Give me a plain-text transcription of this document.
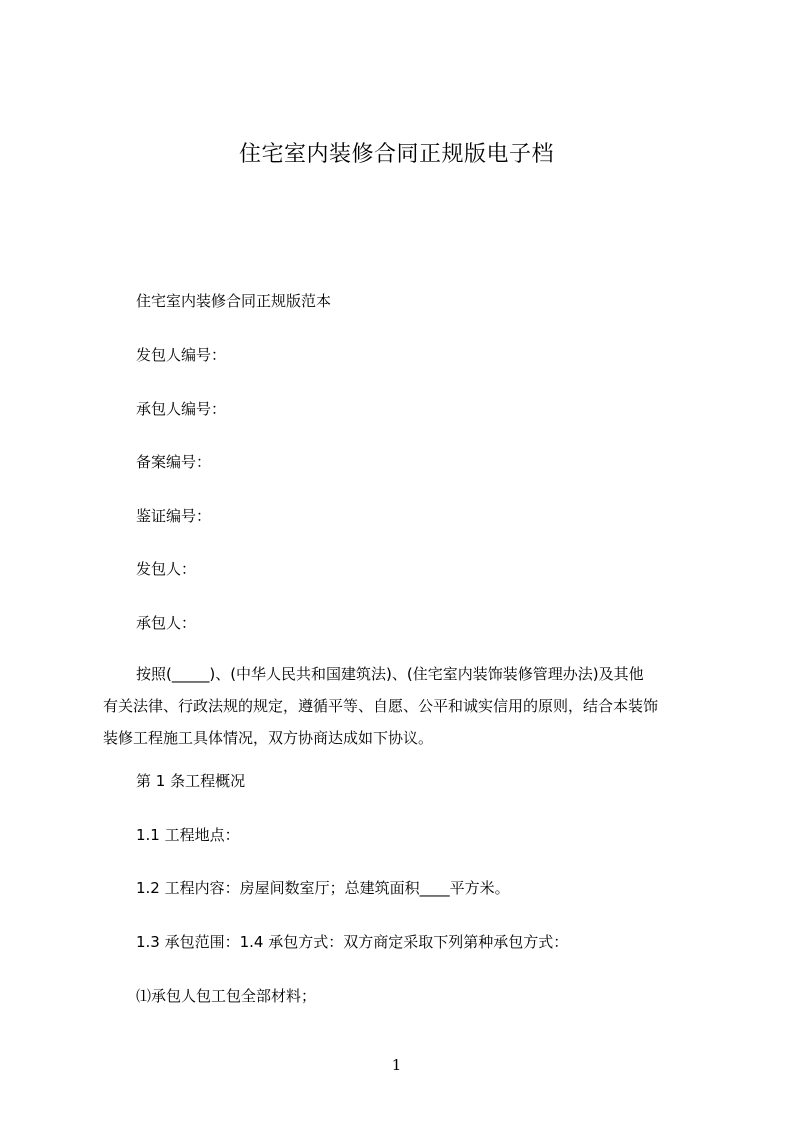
住宅室内装修合同正规版电子档
住宅室内装修合同正规版范本
发包人编号：
承包人编号：
备案编号：
鉴证编号：
发包人：
承包人：
按照(_____)、(中华人民共和国建筑法)、(住宅室内装饰装修管理办法)及其他
有关法律、行政法规的规定，遵循平等、自愿、公平和诚实信用的原则，结合本装饰
装修工程施工具体情况，双方协商达成如下协议。
第 1 条工程概况
1.1 工程地点：
1.2 工程内容：房屋间数室厅；总建筑面积____平方米。
1.3 承包范围：1.4 承包方式：双方商定采取下列第种承包方式：
⑴承包人包工包全部材料；
1
